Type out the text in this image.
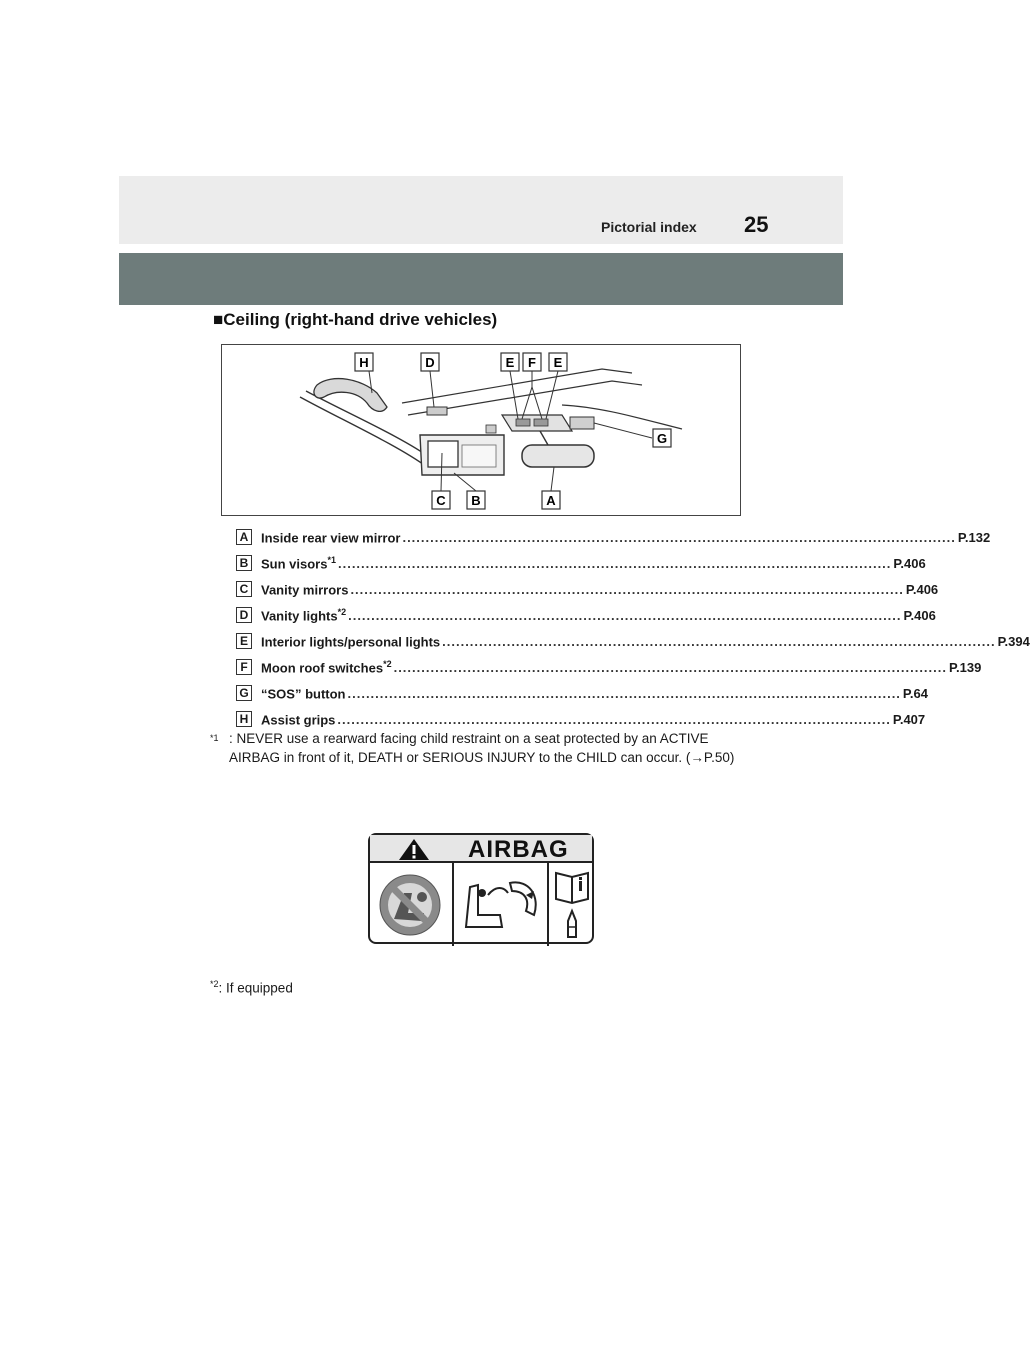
Pictorial index 25
■Ceiling (right-hand drive vehicles)
H	D	E F E
G
C B	A
A Inside rear view mirror ........................................................................................................................ P.132
B Sun visors$^{*1}$ ........................................................................................................................ P.406
C Vanity mirrors ........................................................................................................................ P.406
D Vanity lights$^{*2}$ ........................................................................................................................ P.406
E	Interior lights/personal lights ........................................................................................................................ P.394
F	Moon roof switches$^{*2}$ ........................................................................................................................ P.139
G “SOS” button ........................................................................................................................ P.64
H Assist grips ........................................................................................................................ P.407
$^{*1}$ : NEVER use a rearward facing child restraint on a seat protected by an ACTIVE AIRBAG in front of it, DEATH or SERIOUS INJURY to the CHILD can occur. (→P.50)
AIRBAG
$^{*2}$: If equipped
